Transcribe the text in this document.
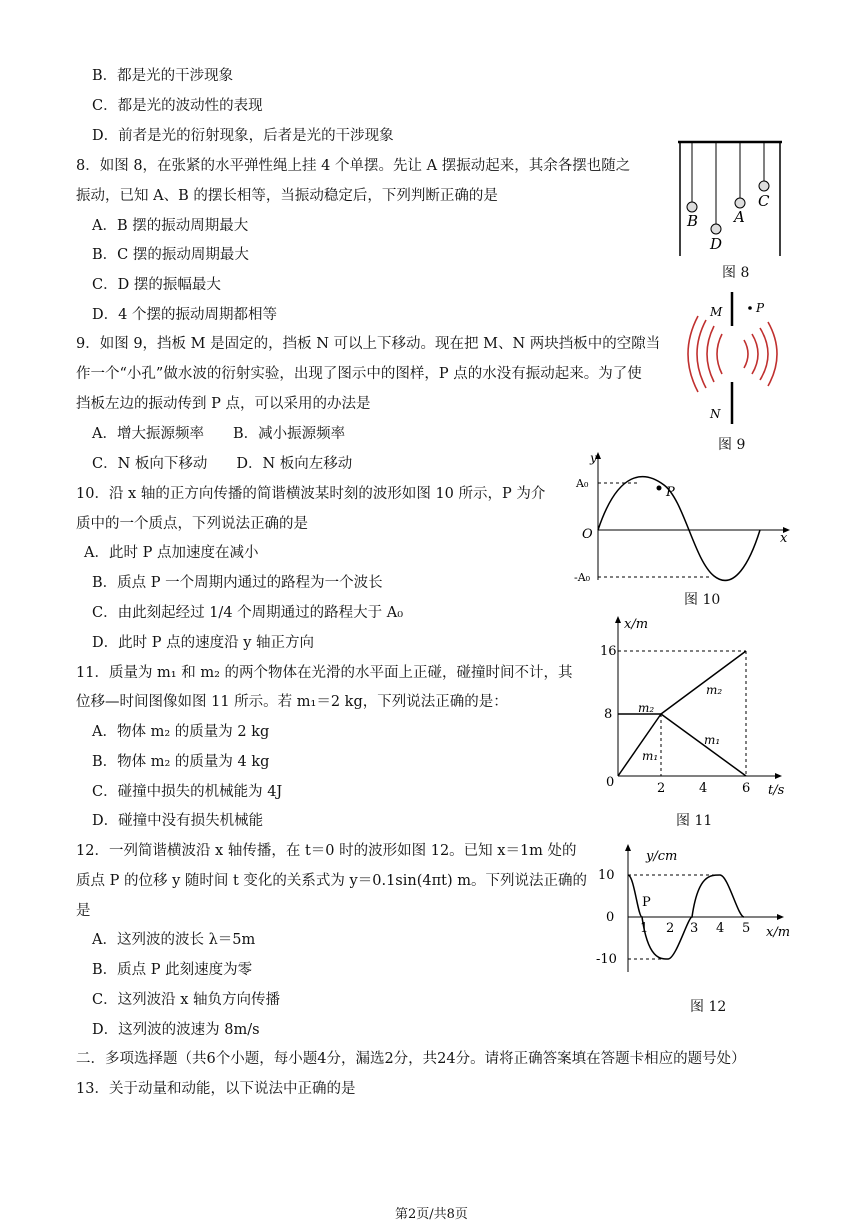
B．都是光的干涉现象
C．都是光的波动性的表现
D．前者是光的衍射现象，后者是光的干涉现象
8．如图 8，在张紧的水平弹性绳上挂 4 个单摆。先让 A 摆振动起来，其余各摆也随之
振动，已知 A、B 的摆长相等，当振动稳定后，下列判断正确的是
A．B 摆的振动周期最大
B．C 摆的振动周期最大
C．D 摆的振幅最大
D．4 个摆的振动周期都相等
9．如图 9，挡板 M 是固定的，挡板 N 可以上下移动。现在把 M、N 两块挡板中的空隙当
作一个“小孔”做水波的衍射实验，出现了图示中的图样，P 点的水没有振动起来。为了使
挡板左边的振动传到 P 点，可以采用的办法是
A．增大振源频率　　B．减小振源频率
C．N 板向下移动　　D．N 板向左移动
10．沿 x 轴的正方向传播的简谐横波某时刻的波形如图 10 所示，P 为介
质中的一个质点，下列说法正确的是
A．此时 P 点加速度在减小
B．质点 P 一个周期内通过的路程为一个波长
C．由此刻起经过 1/4 个周期通过的路程大于 A₀
D．此时 P 点的速度沿 y 轴正方向
11．质量为 m₁ 和 m₂ 的两个物体在光滑的水平面上正碰，碰撞时间不计，其
位移—时间图像如图 11 所示。若 m₁＝2 kg，下列说法正确的是：
A．物体 m₂ 的质量为 2 kg
B．物体 m₂ 的质量为 4 kg
C．碰撞中损失的机械能为 4J
D．碰撞中没有损失机械能
12．一列简谐横波沿 x 轴传播，在 t＝0 时的波形如图 12。已知 x＝1m 处的
质点 P 的位移 y 随时间 t 变化的关系式为 y＝0.1sin(4πt) m。下列说法正确的
是
A．这列波的波长 λ＝5m
B．质点 P 此刻速度为零
C．这列波沿 x 轴负方向传播
D．这列波的波速为 8m/s
二．多项选择题（共6个小题，每小题4分，漏选2分，共24分。请将正确答案填在答题卡相应的题号处）
13．关于动量和动能，以下说法中正确的是
B
D
A
C
图 8
M	P
N
图 9
y
A₀
-A₀
O	x
P
图 10
x/m
t/s
16
8
0	2	4	6
m₂
m₂
m₁
m₁
图 11
y/cm
x/m
10
0
-10
1 2 3 4 5
P
图 12
第2页/共8页
